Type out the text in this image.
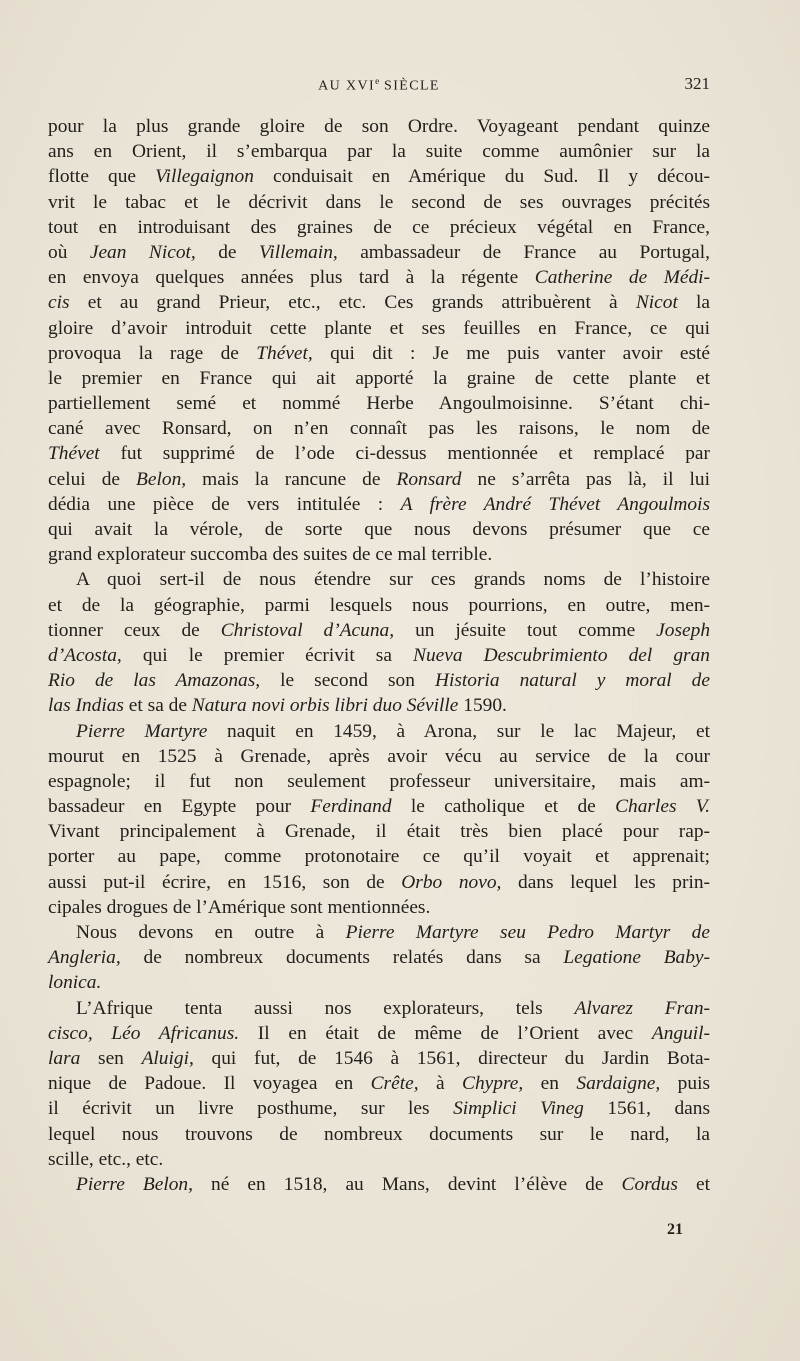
AU XVIe SIÈCLE	321
pour la plus grande gloire de son Ordre. Voyageant pendant quinze
ans en Orient, il s’embarqua par la suite comme aumônier sur la
flotte que Villegaignon conduisait en Amérique du Sud. Il y décou-
vrit le tabac et le décrivit dans le second de ses ouvrages précités
tout en introduisant des graines de ce précieux végétal en France,
où Jean Nicot, de Villemain, ambassadeur de France au Portugal,
en envoya quelques années plus tard à la régente Catherine de Médi-
cis et au grand Prieur, etc., etc. Ces grands attribuèrent à Nicot la
gloire d’avoir introduit cette plante et ses feuilles en France, ce qui
provoqua la rage de Thévet, qui dit : Je me puis vanter avoir esté
le premier en France qui ait apporté la graine de cette plante et
partiellement semé et nommé Herbe Angoulmoisinne. S’étant chi-
cané avec Ronsard, on n’en connaît pas les raisons, le nom de
Thévet fut supprimé de l’ode ci-dessus mentionnée et remplacé par
celui de Belon, mais la rancune de Ronsard ne s’arrêta pas là, il lui
dédia une pièce de vers intitulée : A frère André Thévet Angoulmois
qui avait la vérole, de sorte que nous devons présumer que ce
grand explorateur succomba des suites de ce mal terrible.
A quoi sert-il de nous étendre sur ces grands noms de l’histoire
et de la géographie, parmi lesquels nous pourrions, en outre, men-
tionner ceux de Christoval d’Acuna, un jésuite tout comme Joseph
d’Acosta, qui le premier écrivit sa Nueva Descubrimiento del gran
Rio de las Amazonas, le second son Historia natural y moral de
las Indias et sa de Natura novi orbis libri duo Séville 1590.
Pierre Martyre naquit en 1459, à Arona, sur le lac Majeur, et
mourut en 1525 à Grenade, après avoir vécu au service de la cour
espagnole; il fut non seulement professeur universitaire, mais am-
bassadeur en Egypte pour Ferdinand le catholique et de Charles V.
Vivant principalement à Grenade, il était très bien placé pour rap-
porter au pape, comme protonotaire ce qu’il voyait et apprenait;
aussi put-il écrire, en 1516, son de Orbo novo, dans lequel les prin-
cipales drogues de l’Amérique sont mentionnées.
Nous devons en outre à Pierre Martyre seu Pedro Martyr de
Angleria, de nombreux documents relatés dans sa Legatione Baby-
lonica.
L’Afrique tenta aussi nos explorateurs, tels Alvarez Fran-
cisco, Léo Africanus. Il en était de même de l’Orient avec Anguil-
lara sen Aluigi, qui fut, de 1546 à 1561, directeur du Jardin Bota-
nique de Padoue. Il voyagea en Crête, à Chypre, en Sardaigne, puis
il écrivit un livre posthume, sur les Simplici Vineg 1561, dans
lequel nous trouvons de nombreux documents sur le nard, la
scille, etc., etc.
Pierre Belon, né en 1518, au Mans, devint l’élève de Cordus et
21
